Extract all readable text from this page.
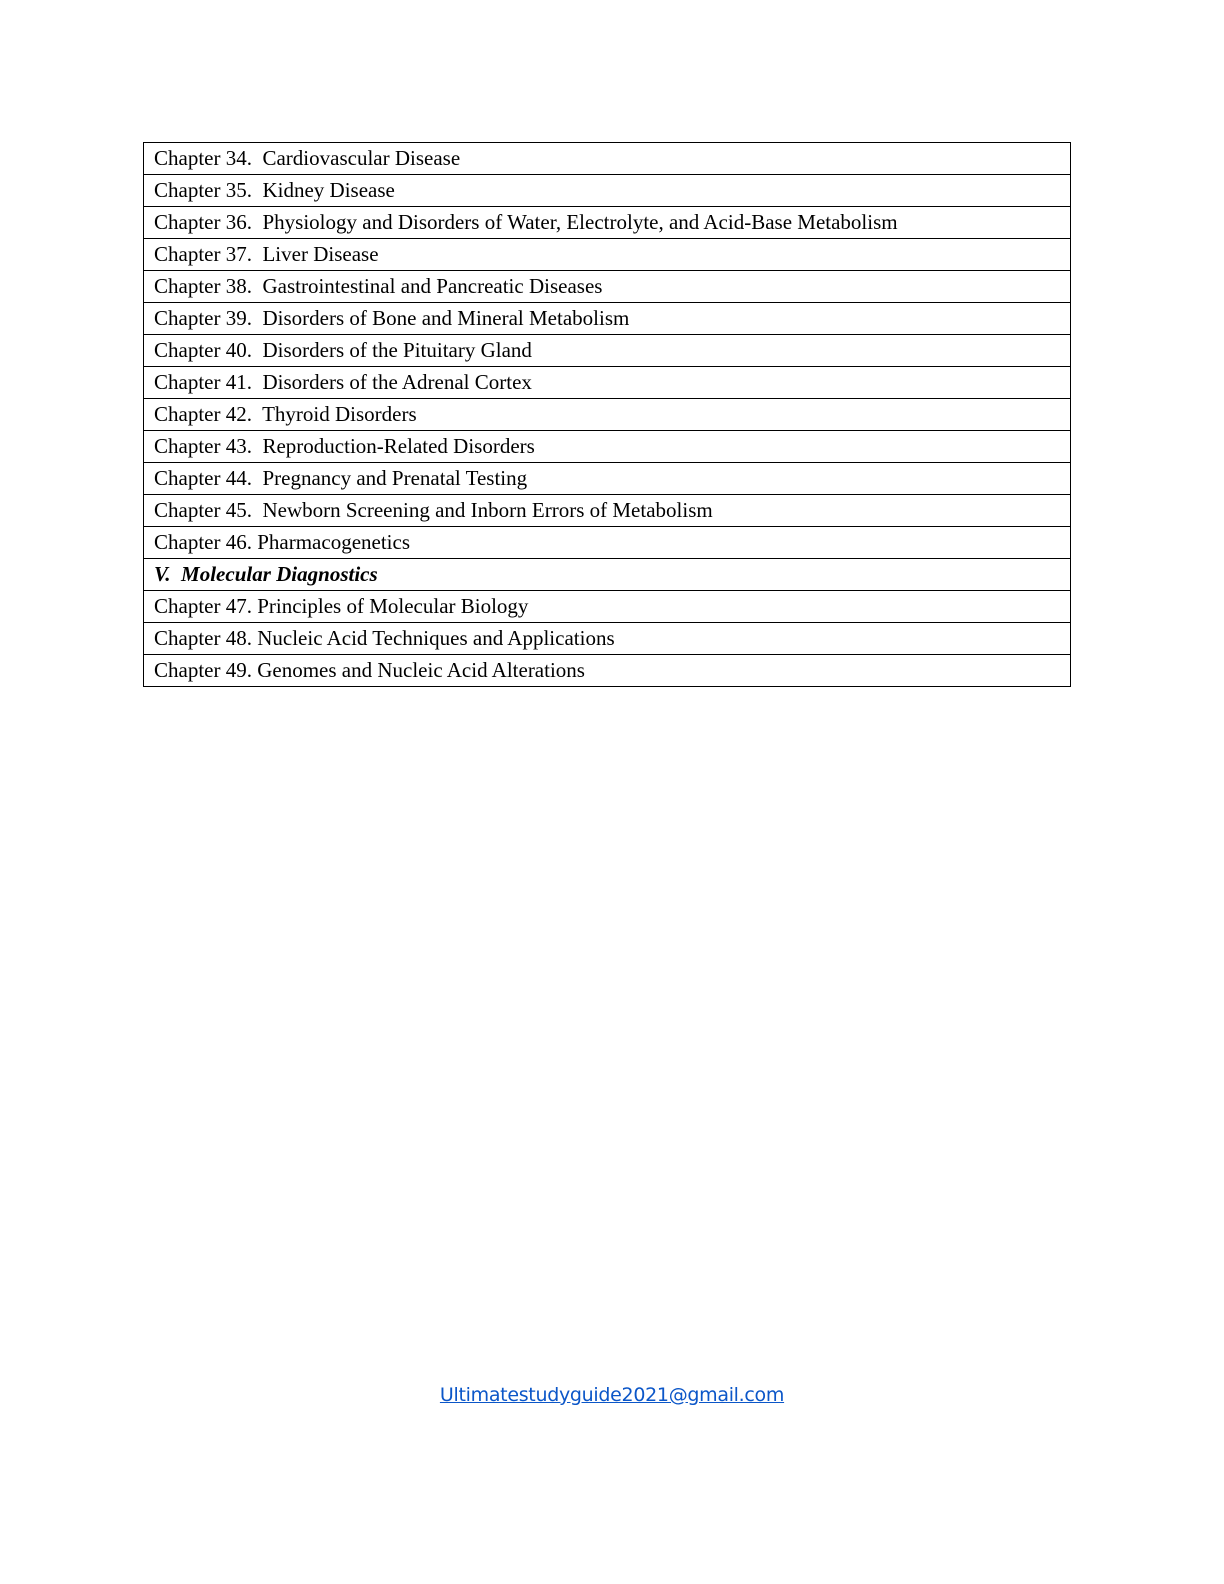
Chapter 34.  Cardiovascular Disease
Chapter 35.  Kidney Disease
Chapter 36.  Physiology and Disorders of Water, Electrolyte, and Acid-Base Metabolism
Chapter 37.  Liver Disease
Chapter 38.  Gastrointestinal and Pancreatic Diseases
Chapter 39.  Disorders of Bone and Mineral Metabolism
Chapter 40.  Disorders of the Pituitary Gland
Chapter 41.  Disorders of the Adrenal Cortex
Chapter 42.  Thyroid Disorders
Chapter 43.  Reproduction-Related Disorders
Chapter 44.  Pregnancy and Prenatal Testing
Chapter 45.  Newborn Screening and Inborn Errors of Metabolism
Chapter 46. Pharmacogenetics
V.  Molecular Diagnostics
Chapter 47. Principles of Molecular Biology
Chapter 48. Nucleic Acid Techniques and Applications
Chapter 49. Genomes and Nucleic Acid Alterations
Ultimatestudyguide2021@gmail.com
